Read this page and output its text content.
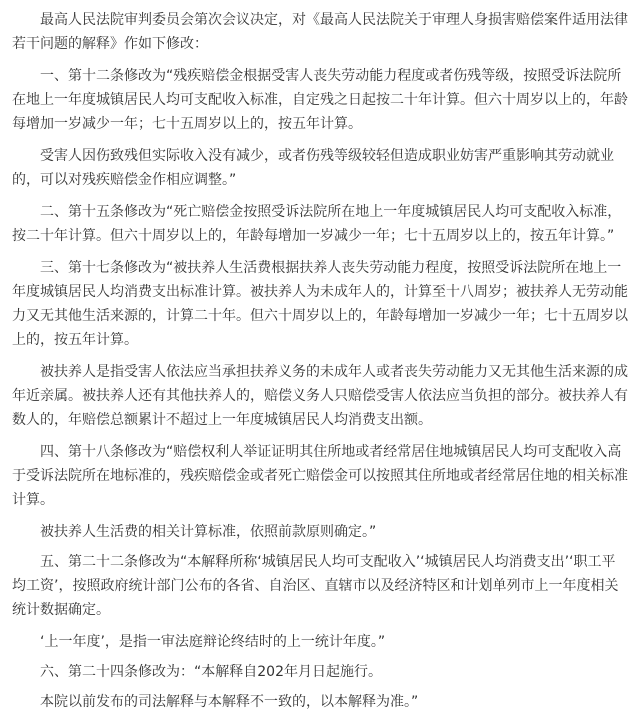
最高人民法院审判委员会第次会议决定，对《最高人民法院关于审理人身损害赔偿案件适用法律若干问题的解释》作如下修改：

一、第十二条修改为“残疾赔偿金根据受害人丧失劳动能力程度或者伤残等级，按照受诉法院所在地上一年度城镇居民人均可支配收入标准，自定残之日起按二十年计算。但六十周岁以上的，年龄每增加一岁减少一年；七十五周岁以上的，按五年计算。

受害人因伤致残但实际收入没有减少，或者伤残等级较轻但造成职业妨害严重影响其劳动就业的，可以对残疾赔偿金作相应调整。”

二、第十五条修改为“死亡赔偿金按照受诉法院所在地上一年度城镇居民人均可支配收入标准，按二十年计算。但六十周岁以上的，年龄每增加一岁减少一年；七十五周岁以上的，按五年计算。”

三、第十七条修改为“被扶养人生活费根据扶养人丧失劳动能力程度，按照受诉法院所在地上一年度城镇居民人均消费支出标准计算。被扶养人为未成年人的，计算至十八周岁；被扶养人无劳动能力又无其他生活来源的，计算二十年。但六十周岁以上的，年龄每增加一岁减少一年；七十五周岁以上的，按五年计算。

被扶养人是指受害人依法应当承担扶养义务的未成年人或者丧失劳动能力又无其他生活来源的成年近亲属。被扶养人还有其他扶养人的，赔偿义务人只赔偿受害人依法应当负担的部分。被扶养人有数人的，年赔偿总额累计不超过上一年度城镇居民人均消费支出额。

四、第十八条修改为“赔偿权利人举证证明其住所地或者经常居住地城镇居民人均可支配收入高于受诉法院所在地标准的，残疾赔偿金或者死亡赔偿金可以按照其住所地或者经常居住地的相关标准计算。

被扶养人生活费的相关计算标准，依照前款原则确定。”

五、第二十二条修改为“本解释所称‘城镇居民人均可支配收入’‘城镇居民人均消费支出’‘职工平均工资’，按照政府统计部门公布的各省、自治区、直辖市以及经济特区和计划单列市上一年度相关统计数据确定。

‘上一年度’，是指一审法庭辩论终结时的上一统计年度。”

六、第二十四条修改为：“本解释自202年月日起施行。

本院以前发布的司法解释与本解释不一致的，以本解释为准。”
